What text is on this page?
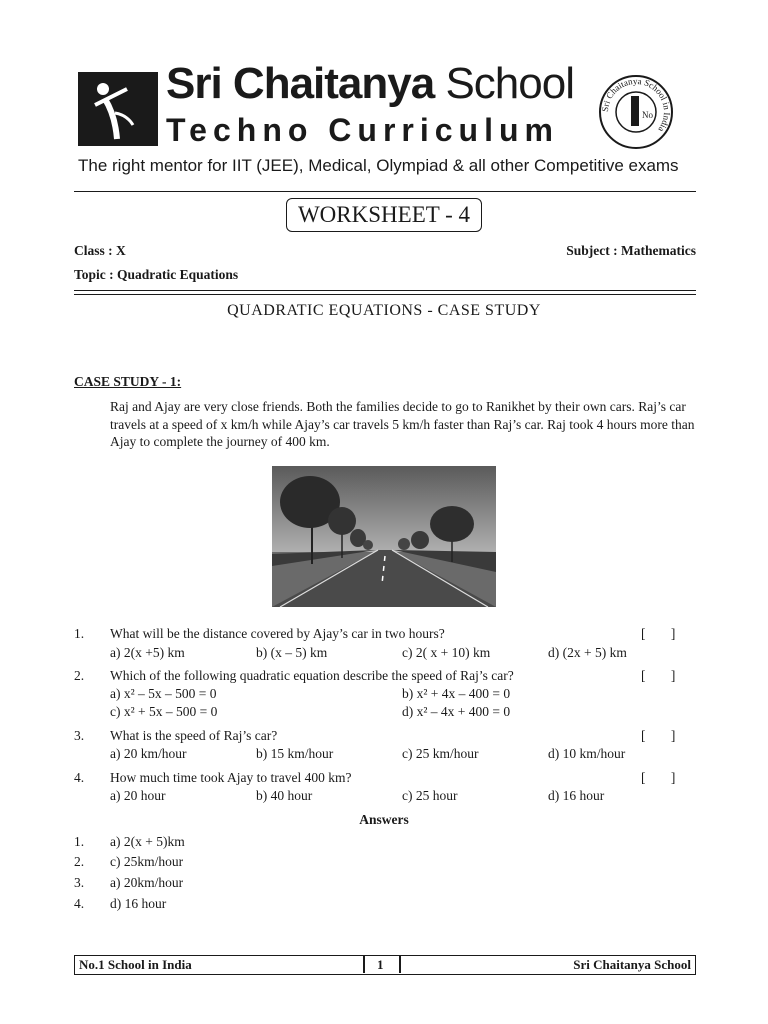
Sri Chaitanya School
Techno Curriculum
Sri Chaitanya School in India
No
The right mentor for IIT (JEE), Medical, Olympiad & all other Competitive exams
WORKSHEET - 4
Class : X	Subject : Mathematics
Topic : Quadratic Equations
QUADRATIC EQUATIONS - CASE STUDY
CASE STUDY - 1:
Raj and Ajay are very close friends. Both the families decide to go to Ranikhet by their own cars. Raj’s car travels at a speed of x km/h while Ajay’s car travels 5 km/h faster than Raj’s car. Raj took 4 hours more than Ajay to complete the journey of 400 km.
1. What will be the distance covered by Ajay’s car in two hours?	[ ]
a) 2(x +5) km	b) (x – 5) km	c) 2( x + 10) km	d) (2x + 5) km
2. Which of the following quadratic equation describe the speed of Raj’s car?	[ ]
a) x² – 5x – 500 = 0	b) x² + 4x – 400 = 0
c) x² + 5x – 500 = 0	d) x² – 4x + 400 = 0
3. What is the speed of Raj’s car?	[ ]
a) 20 km/hour	b) 15 km/hour	c) 25 km/hour	d) 10 km/hour
4. How much time took Ajay to travel 400 km?	[ ]
a) 20 hour	b) 40 hour	c) 25 hour	d) 16 hour
Answers
1. a) 2(x + 5)km
2. c) 25km/hour
3. a) 20km/hour
4. d) 16 hour
No.1 School in India	1	Sri Chaitanya School
